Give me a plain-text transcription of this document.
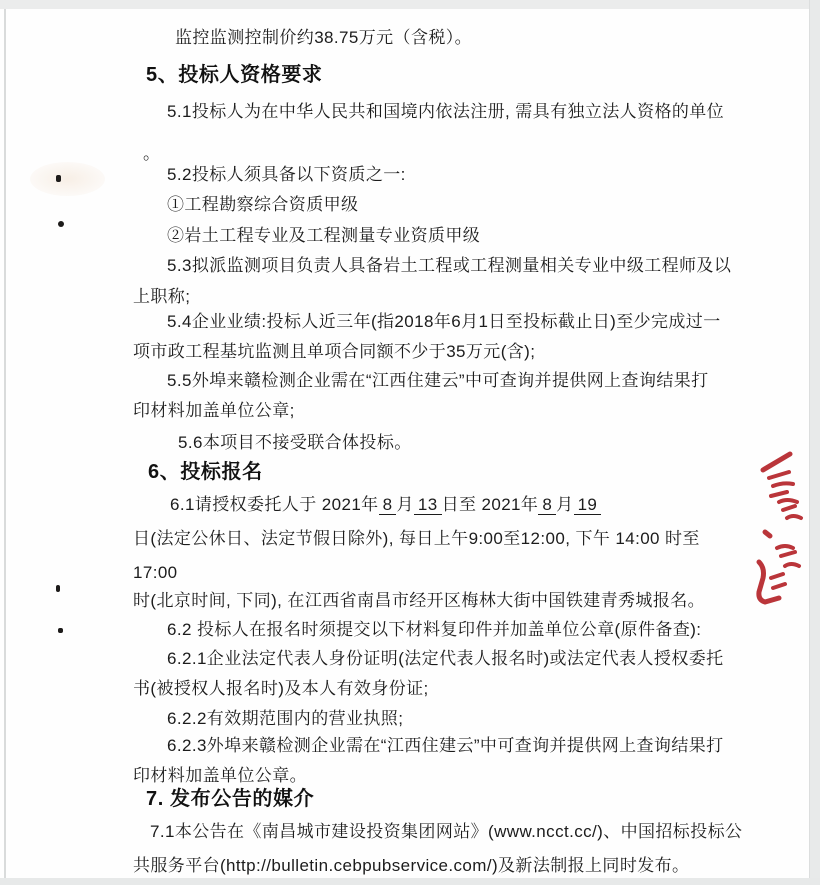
监控监测控制价约38.75万元（含税）。
5、投标人资格要求
5.1投标人为在中华人民共和国境内依法注册, 需具有独立法人资格的单位
。
5.2投标人须具备以下资质之一:
①工程勘察综合资质甲级
②岩土工程专业及工程测量专业资质甲级
5.3拟派监测项目负责人具备岩土工程或工程测量相关专业中级工程师及以
上职称;
5.4企业业绩:投标人近三年(指2018年6月1日至投标截止日)至少完成过一
项市政工程基坑监测且单项合同额不少于35万元(含);
5.5外埠来赣检测企业需在“江西住建云”中可查询并提供网上查询结果打
印材料加盖单位公章;
5.6本项目不接受联合体投标。
6、投标报名
6.1请授权委托人于 2021年 8 月 13 日至 2021年 8 月 19
日(法定公休日、法定节假日除外), 每日上午9:00至12:00, 下午 14:00 时至
17:00
时(北京时间, 下同), 在江西省南昌市经开区梅林大街中国铁建青秀城报名。
6.2 投标人在报名时须提交以下材料复印件并加盖单位公章(原件备查):
6.2.1企业法定代表人身份证明(法定代表人报名时)或法定代表人授权委托
书(被授权人报名时)及本人有效身份证;
6.2.2有效期范围内的营业执照;
6.2.3外埠来赣检测企业需在“江西住建云”中可查询并提供网上查询结果打
印材料加盖单位公章。
7. 发布公告的媒介
7.1本公告在《南昌城市建设投资集团网站》(www.ncct.cc/)、中国招标投标公
共服务平台(http://bulletin.cebpubservice.com/)及新法制报上同时发布。
